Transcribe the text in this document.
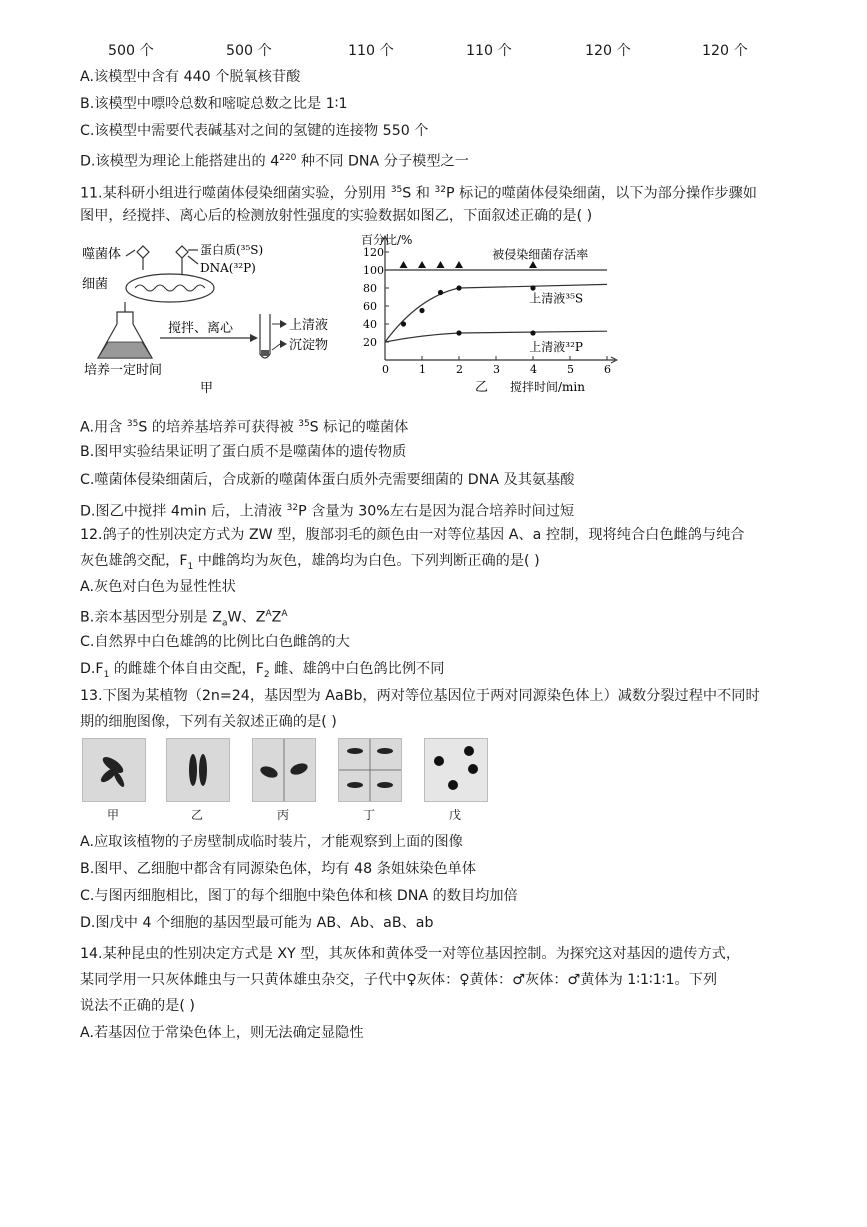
500 个	500 个	110 个	110 个	120 个	120 个
A.该模型中含有 440 个脱氧核苷酸
B.该模型中嘌呤总数和嘧啶总数之比是 1∶1
C.该模型中需要代表碱基对之间的氢键的连接物 550 个
D.该模型为理论上能搭建出的 $4^{220}$ 种不同 DNA 分子模型之一
11.某科研小组进行噬菌体侵染细菌实验，分别用 $^{35}$S 和 $^{32}$P 标记的噬菌体侵染细菌，以下为部分操作步骤如
图甲，经搅拌、离心后的检测放射性强度的实验数据如图乙，下面叙述正确的是( )
噬菌体
细菌
蛋白质(³⁵S)
DNA(³²P)
搅拌、离心	上清液
沉淀物
培养一定时间
甲
0	1	2	3	4	5	6
20
40
60
80
100
120	被侵染细菌存活率
上清液³⁵S
上清液³²P
百分比/%
搅拌时间/min
乙
A.用含 $^{35}$S 的培养基培养可获得被 $^{35}$S 标记的噬菌体
B.图甲实验结果证明了蛋白质不是噬菌体的遗传物质
C.噬菌体侵染细菌后，合成新的噬菌体蛋白质外壳需要细菌的 DNA 及其氨基酸
D.图乙中搅拌 4min 后，上清液 $^{32}$P 含量为 30%左右是因为混合培养时间过短
12.鸽子的性别决定方式为 ZW 型，腹部羽毛的颜色由一对等位基因 A、a 控制，现将纯合白色雌鸽与纯合
灰色雄鸽交配，$F_1$ 中雌鸽均为灰色，雄鸽均为白色。下列判断正确的是( )
A.灰色对白色为显性性状
B.亲本基因型分别是 $Z_aW$、$Z^AZ^A$
C.自然界中白色雄鸽的比例比白色雌鸽的大
$D.F_1$ 的雌雄个体自由交配，$F_2$ 雌、雄鸽中白色鸽比例不同
13.下图为某植物（2n=24，基因型为 AaBb，两对等位基因位于两对同源染色体上）减数分裂过程中不同时
期的细胞图像，下列有关叙述正确的是( )
甲	乙	丙	丁	戊
A.应取该植物的子房壁制成临时装片，才能观察到上面的图像
B.图甲、乙细胞中都含有同源染色体，均有 48 条姐妹染色单体
C.与图丙细胞相比，图丁的每个细胞中染色体和核 DNA 的数目均加倍
D.图戊中 4 个细胞的基因型最可能为 AB、Ab、aB、ab
14.某种昆虫的性别决定方式是 XY 型，其灰体和黄体受一对等位基因控制。为探究这对基因的遗传方式，
某同学用一只灰体雌虫与一只黄体雄虫杂交，子代中♀灰体：♀黄体：♂灰体：♂黄体为 1∶1∶1∶1。下列
说法不正确的是( )
A.若基因位于常染色体上，则无法确定显隐性
